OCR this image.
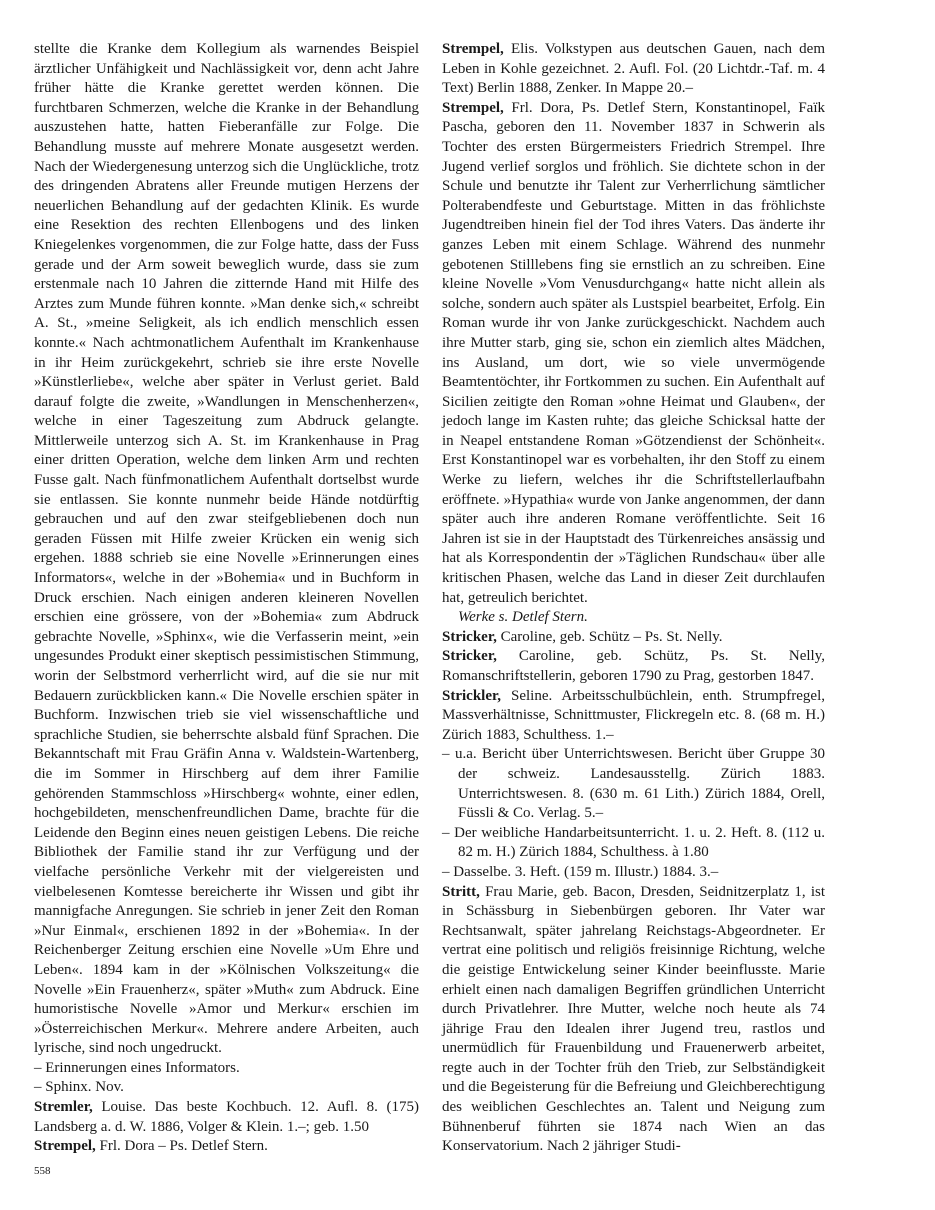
stellte die Kranke dem Kollegium als warnendes Beispiel ärztlicher Unfähigkeit und Nachlässigkeit vor, denn acht Jahre früher hätte die Kranke gerettet werden können. Die furchtbaren Schmerzen, welche die Kranke in der Behandlung auszustehen hatte, hatten Fieberanfälle zur Folge. Die Behandlung musste auf mehrere Monate ausgesetzt werden. Nach der Wiedergenesung unterzog sich die Unglückliche, trotz des dringenden Abratens aller Freunde mutigen Herzens der neuerlichen Behandlung auf der gedachten Klinik. Es wurde eine Resektion des rechten Ellenbogens und des linken Kniegelenkes vorgenommen, die zur Folge hatte, dass der Fuss gerade und der Arm soweit beweglich wurde, dass sie zum erstenmale nach 10 Jahren die zitternde Hand mit Hilfe des Arztes zum Munde führen konnte. »Man denke sich,« schreibt A. St., »meine Seligkeit, als ich endlich menschlich essen konnte.« Nach achtmonatlichem Aufenthalt im Krankenhause in ihr Heim zurückgekehrt, schrieb sie ihre erste Novelle »Künstlerliebe«, welche aber später in Verlust geriet. Bald darauf folgte die zweite, »Wandlungen in Menschenherzen«, welche in einer Tageszeitung zum Abdruck gelangte. Mittlerweile unterzog sich A. St. im Krankenhause in Prag einer dritten Operation, welche dem linken Arm und rechten Fusse galt. Nach fünfmonatlichem Aufenthalt dortselbst wurde sie entlassen. Sie konnte nunmehr beide Hände notdürftig gebrauchen und auf den zwar steifgebliebenen doch nun geraden Füssen mit Hilfe zweier Krücken ein wenig sich ergehen. 1888 schrieb sie eine Novelle »Erinnerungen eines Informators«, welche in der »Bohemia« und in Buchform in Druck erschien. Nach einigen anderen kleineren Novellen erschien eine grössere, von der »Bohemia« zum Abdruck gebrachte Novelle, »Sphinx«, wie die Verfasserin meint, »ein ungesundes Produkt einer skeptisch pessimistischen Stimmung, worin der Selbstmord verherrlicht wird, auf die sie nur mit Bedauern zurückblicken kann.« Die Novelle erschien später in Buchform. Inzwischen trieb sie viel wissenschaftliche und sprachliche Studien, sie beherrschte alsbald fünf Sprachen. Die Bekanntschaft mit Frau Gräfin Anna v. Waldstein-Wartenberg, die im Sommer in Hirschberg auf dem ihrer Familie gehörenden Stammschloss »Hirschberg« wohnte, einer edlen, hochgebildeten, menschenfreundlichen Dame, brachte für die Leidende den Beginn eines neuen geistigen Lebens. Die reiche Bibliothek der Familie stand ihr zur Verfügung und der vielfache persönliche Verkehr mit der vielgereisten und vielbelesenen Komtesse bereicherte ihr Wissen und gibt ihr mannigfache Anregungen. Sie schrieb in jener Zeit den Roman »Nur Einmal«, erschienen 1892 in der »Bohemia«. In der Reichenberger Zeitung erschien eine Novelle »Um Ehre und Leben«. 1894 kam in der »Kölnischen Volkszeitung« die Novelle »Ein Frauenherz«, später »Muth« zum Abdruck. Eine humoristische Novelle »Amor und Merkur« erschien im »Österreichischen Merkur«. Mehrere andere Arbeiten, auch lyrische, sind noch ungedruckt.

– Erinnerungen eines Informators.

– Sphinx. Nov.

Stremler, Louise. Das beste Kochbuch. 12. Aufl. 8. (175) Landsberg a. d. W. 1886, Volger & Klein. 1.–; geb. 1.50

Strempel, Frl. Dora – Ps. Detlef Stern.

Strempel, Elis. Volkstypen aus deutschen Gauen, nach dem Leben in Kohle gezeichnet. 2. Aufl. Fol. (20 Lichtdr.-Taf. m. 4 Text) Berlin 1888, Zenker. In Mappe 20.–

Strempel, Frl. Dora, Ps. Detlef Stern, Konstantinopel, Faïk Pascha, geboren den 11. November 1837 in Schwerin als Tochter des ersten Bürgermeisters Friedrich Strempel. Ihre Jugend verlief sorglos und fröhlich. Sie dichtete schon in der Schule und benutzte ihr Talent zur Verherrlichung sämtlicher Polterabendfeste und Geburtstage. Mitten in das fröhlichste Jugendtreiben hinein fiel der Tod ihres Vaters. Das änderte ihr ganzes Leben mit einem Schlage. Während des nunmehr gebotenen Stilllebens fing sie ernstlich an zu schreiben. Eine kleine Novelle »Vom Venusdurchgang« hatte nicht allein als solche, sondern auch später als Lustspiel bearbeitet, Erfolg. Ein Roman wurde ihr von Janke zurückgeschickt. Nachdem auch ihre Mutter starb, ging sie, schon ein ziemlich altes Mädchen, ins Ausland, um dort, wie so viele unvermögende Beamtentöchter, ihr Fortkommen zu suchen. Ein Aufenthalt auf Sicilien zeitigte den Roman »ohne Heimat und Glauben«, der jedoch lange im Kasten ruhte; das gleiche Schicksal hatte der in Neapel entstandene Roman »Götzendienst der Schönheit«. Erst Konstantinopel war es vorbehalten, ihr den Stoff zu einem Werke zu liefern, welches ihr die Schriftstellerlaufbahn eröffnete. »Hypathia« wurde von Janke angenommen, der dann später auch ihre anderen Romane veröffentlichte. Seit 16 Jahren ist sie in der Hauptstadt des Türkenreiches ansässig und hat als Korrespondentin der »Täglichen Rundschau« über alle kritischen Phasen, welche das Land in dieser Zeit durchlaufen hat, getreulich berichtet.

Werke s. Detlef Stern.

Stricker, Caroline, geb. Schütz – Ps. St. Nelly.

Stricker, Caroline, geb. Schütz, Ps. St. Nelly, Romanschriftstellerin, geboren 1790 zu Prag, gestorben 1847.

Strickler, Seline. Arbeitsschulbüchlein, enth. Strumpfregel, Massverhältnisse, Schnittmuster, Flickregeln etc. 8. (68 m. H.) Zürich 1883, Schulthess. 1.–

– u.a. Bericht über Unterrichtswesen. Bericht über Gruppe 30 der schweiz. Landesausstellg. Zürich 1883. Unterrichtswesen. 8. (630 m. 61 Lith.) Zürich 1884, Orell, Füssli & Co. Verlag. 5.–

– Der weibliche Handarbeitsunterricht. 1. u. 2. Heft. 8. (112 u. 82 m. H.) Zürich 1884, Schulthess. à 1.80

– Dasselbe. 3. Heft. (159 m. Illustr.) 1884. 3.–

Stritt, Frau Marie, geb. Bacon, Dresden, Seidnitzerplatz 1, ist in Schässburg in Siebenbürgen geboren. Ihr Vater war Rechtsanwalt, später jahrelang Reichstags-Abgeordneter. Er vertrat eine politisch und religiös freisinnige Richtung, welche die geistige Entwickelung seiner Kinder beeinflusste. Marie erhielt einen nach damaligen Begriffen gründlichen Unterricht durch Privatlehrer. Ihre Mutter, welche noch heute als 74 jährige Frau den Idealen ihrer Jugend treu, rastlos und unermüdlich für Frauenbildung und Frauenerwerb arbeitet, regte auch in der Tochter früh den Trieb, zur Selbständigkeit und die Begeisterung für die Befreiung und Gleichberechtigung des weiblichen Geschlechtes an. Talent und Neigung zum Bühnenberuf führten sie 1874 nach Wien an das Konservatorium. Nach 2 jähriger Studi-

558
